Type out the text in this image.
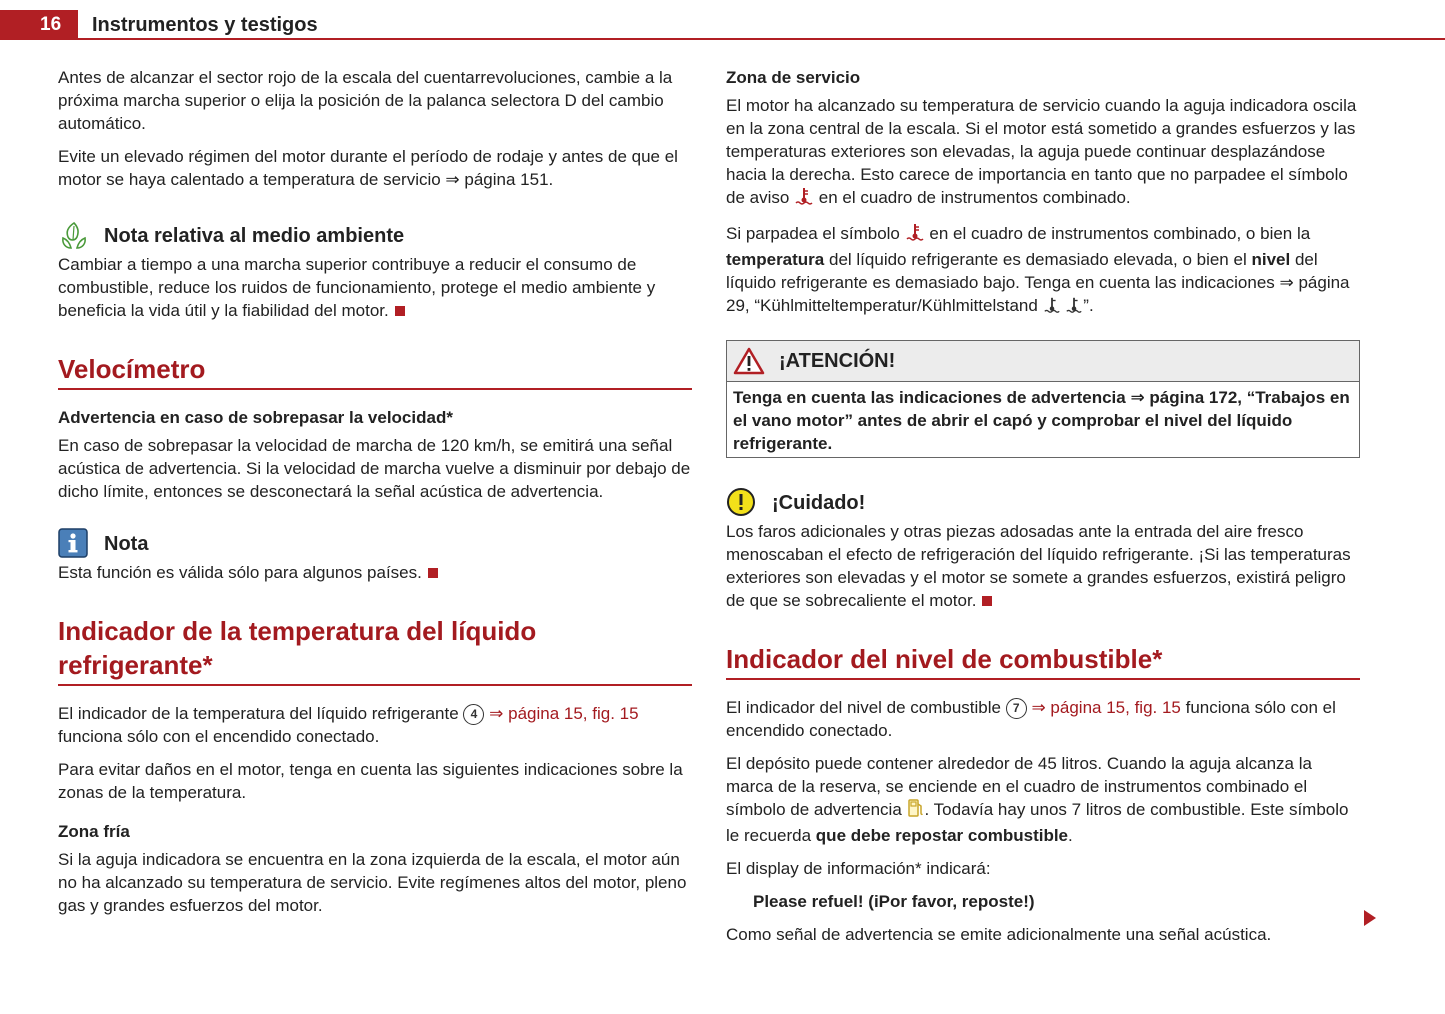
16	Instrumentos y testigos

Antes de alcanzar el sector rojo de la escala del cuentarrevoluciones, cambie a la próxima marcha superior o elija la posición de la palanca selectora D del cambio automático.

Evite un elevado régimen del motor durante el período de rodaje y antes de que el motor se haya calentado a temperatura de servicio ⇒ página 151.

Nota relativa al medio ambiente

Cambiar a tiempo a una marcha superior contribuye a reducir el consumo de combustible, reduce los ruidos de funcionamiento, protege el medio ambiente y beneficia la vida útil y la fiabilidad del motor.

Velocímetro
Advertencia en caso de sobrepasar la velocidad*

En caso de sobrepasar la velocidad de marcha de 120 km/h, se emitirá una señal acústica de advertencia. Si la velocidad de marcha vuelve a disminuir por debajo de dicho límite, entonces se desconectará la señal acústica de advertencia.

Nota

Esta función es válida sólo para algunos países.

Indicador de la temperatura del líquido refrigerante*

El indicador de la temperatura del líquido refrigerante 4 ⇒ página 15, fig. 15 funciona sólo con el encendido conectado.

Para evitar daños en el motor, tenga en cuenta las siguientes indicaciones sobre la zonas de la temperatura.

Zona fría

Si la aguja indicadora se encuentra en la zona izquierda de la escala, el motor aún no ha alcanzado su temperatura de servicio. Evite regímenes altos del motor, pleno gas y grandes esfuerzos del motor.

Zona de servicio

El motor ha alcanzado su temperatura de servicio cuando la aguja indicadora oscila en la zona central de la escala. Si el motor está sometido a grandes esfuerzos y las temperaturas exteriores son elevadas, la aguja puede continuar desplazándose hacia la derecha. Esto carece de importancia en tanto que no parpadee el símbolo de aviso en el cuadro de instrumentos combinado.

Si parpadea el símbolo en el cuadro de instrumentos combinado, o bien la temperatura del líquido refrigerante es demasiado elevada, o bien el nivel del líquido refrigerante es demasiado bajo. Tenga en cuenta las indicaciones ⇒ página 29, “Kühlmitteltemperatur/Kühlmittelstand	”.

¡ATENCIÓN!
Tenga en cuenta las indicaciones de advertencia ⇒ página 172, “Trabajos en el vano motor” antes de abrir el capó y comprobar el nivel del líquido refrigerante.
¡Cuidado!

Los faros adicionales y otras piezas adosadas ante la entrada del aire fresco menoscaban el efecto de refrigeración del líquido refrigerante. ¡Si las temperaturas exteriores son elevadas y el motor se somete a grandes esfuerzos, existirá peligro de que se sobrecaliente el motor.

Indicador del nivel de combustible*

El indicador del nivel de combustible 7 ⇒ página 15, fig. 15 funciona sólo con el encendido conectado.

El depósito puede contener alrededor de 45 litros. Cuando la aguja alcanza la marca de la reserva, se enciende en el cuadro de instrumentos combinado el símbolo de advertencia . Todavía hay unos 7 litros de combustible. Este símbolo le recuerda que debe repostar combustible.

El display de información* indicará:

Please refuel! (iPor favor, reposte!)

Como señal de advertencia se emite adicionalmente una señal acústica.
